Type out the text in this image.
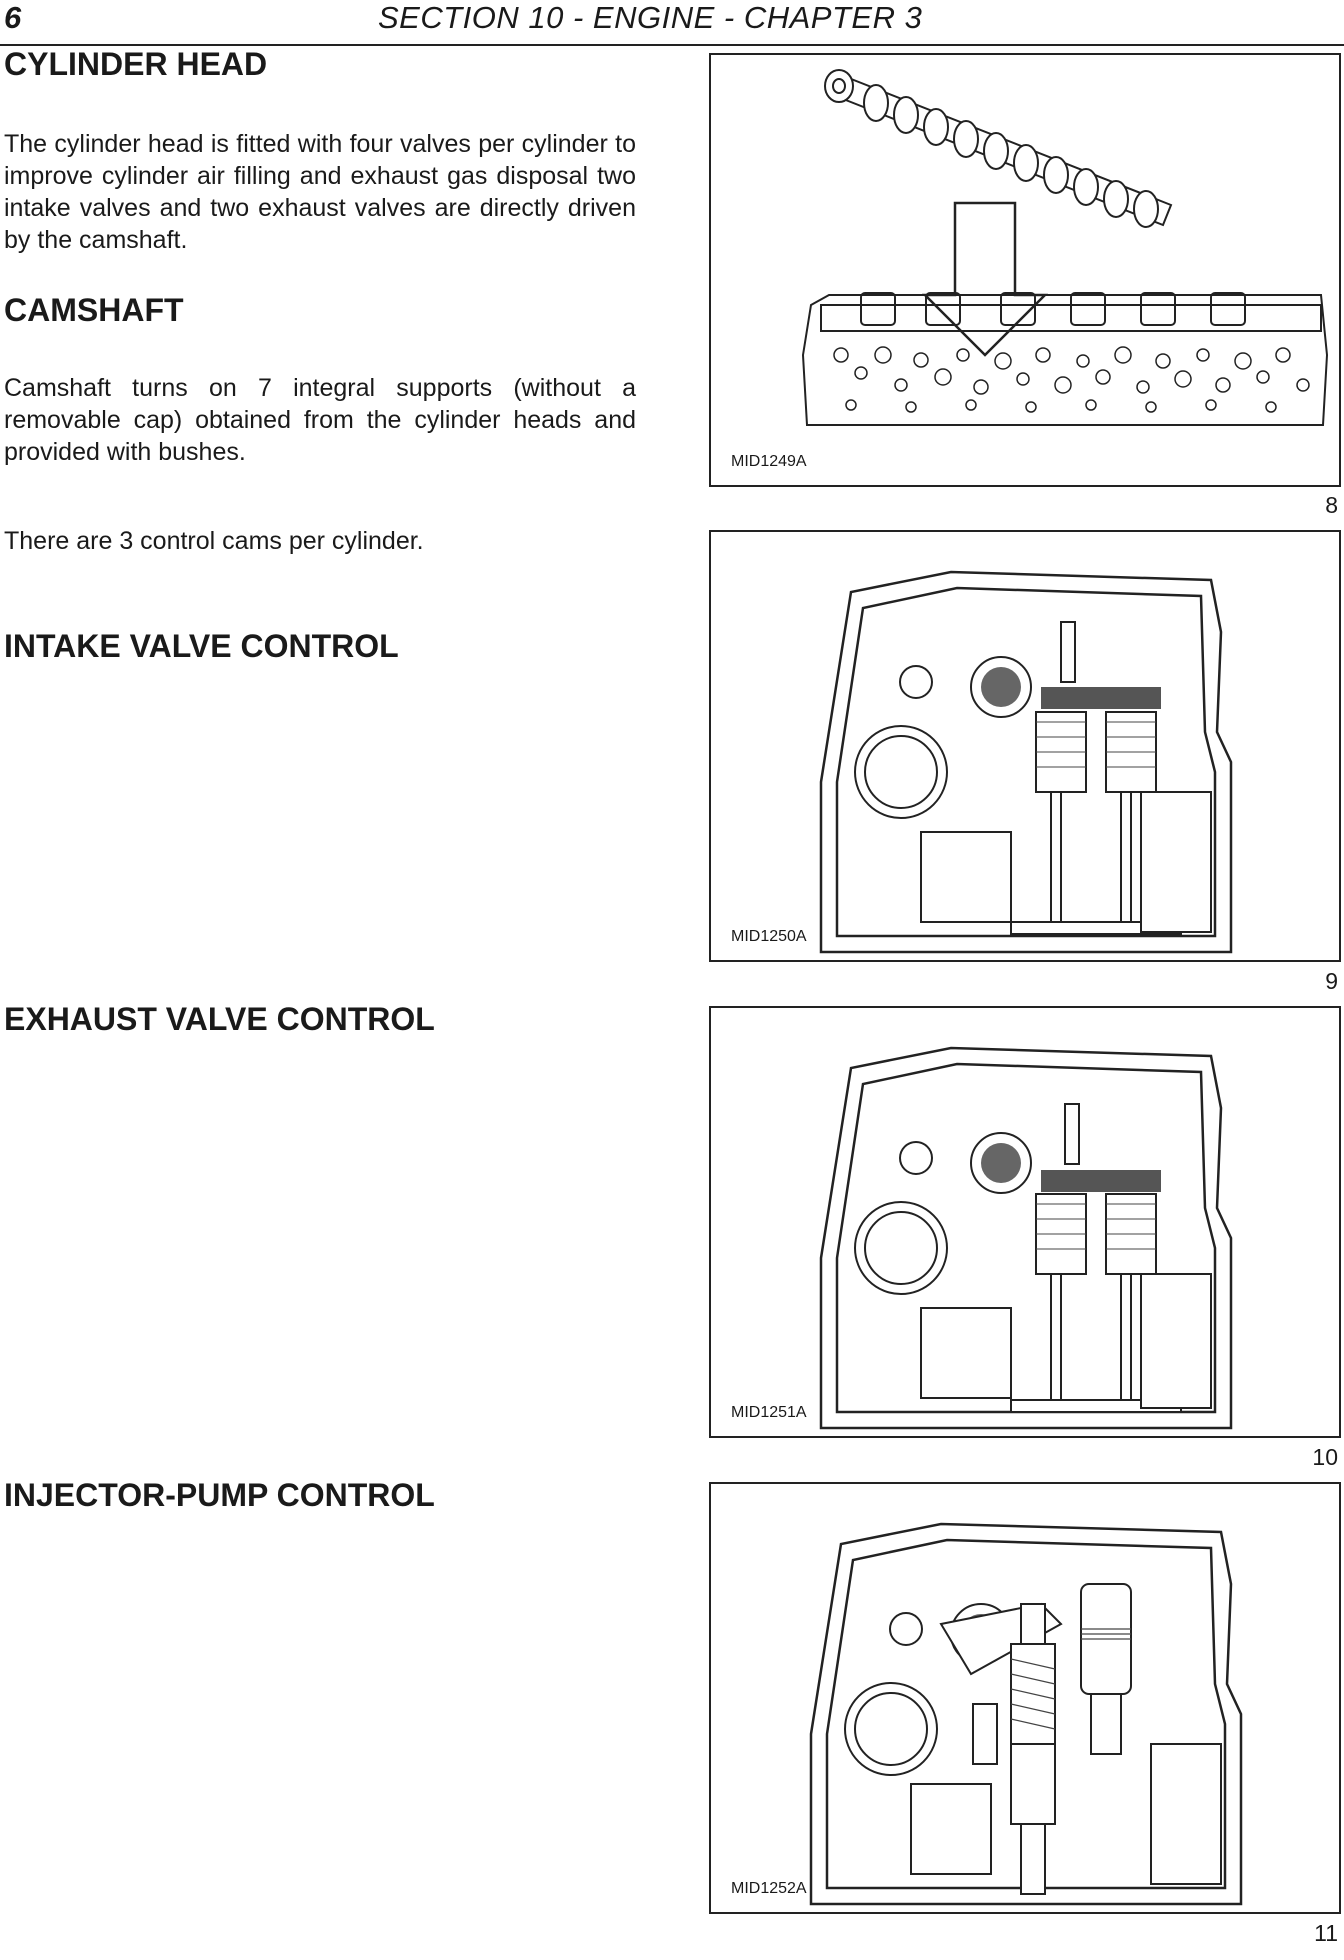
6	SECTION 10 - ENGINE - CHAPTER 3
CYLINDER HEAD
The cylinder head is fitted with four valves per cylinder to improve cylinder air filling and exhaust gas disposal two intake valves and two exhaust valves are directly driven by the camshaft.
CAMSHAFT
Camshaft turns on 7 integral supports (without a removable cap) obtained from the cylinder heads and provided with bushes.
There are 3 control cams per cylinder.
INTAKE VALVE CONTROL
EXHAUST VALVE CONTROL
INJECTOR-PUMP CONTROL
MID1249A
8
MID1250A
9
MID1251A
10
MID1252A
11
